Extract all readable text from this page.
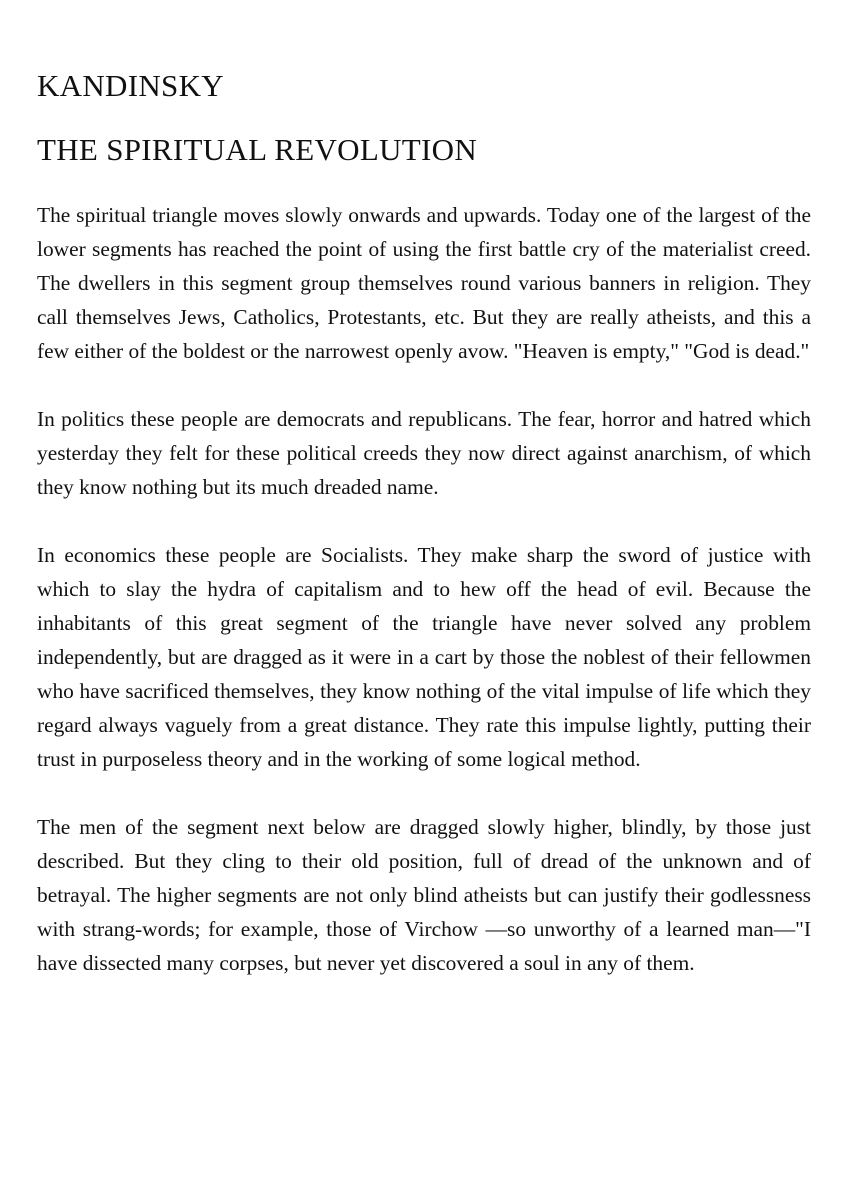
KANDINSKY
THE SPIRITUAL REVOLUTION

The spiritual triangle moves slowly onwards and upwards. Today one of the largest of the lower segments has reached the point of using the first battle cry of the materialist creed. The dwellers in this segment group themselves round various banners in religion. They call themselves Jews, Catholics, Protestants, etc. But they are really atheists, and this a few either of the boldest or the narrowest openly avow. "Heaven is empty," "God is dead."

In politics these people are democrats and republicans. The fear, horror and hatred which yesterday they felt for these political creeds they now direct against anarchism, of which they know nothing but its much dreaded name.

In economics these people are Socialists. They make sharp the sword of justice with which to slay the hydra of capitalism and to hew off the head of evil. Because the inhabitants of this great segment of the triangle have never solved any problem independently, but are dragged as it were in a cart by those the noblest of their fellowmen who have sacrificed themselves, they know nothing of the vital impulse of life which they regard always vaguely from a great distance. They rate this impulse lightly, putting their trust in purposeless theory and in the working of some logical method.

The men of the segment next below are dragged slowly higher, blindly, by those just described. But they cling to their old position, full of dread of the unknown and of betrayal. The higher segments are not only blind atheists but can justify their godlessness with strang-words; for example, those of Virchow ––so unworthy of a learned man––"I have dissected many corpses, but never yet discovered a soul in any of them.
